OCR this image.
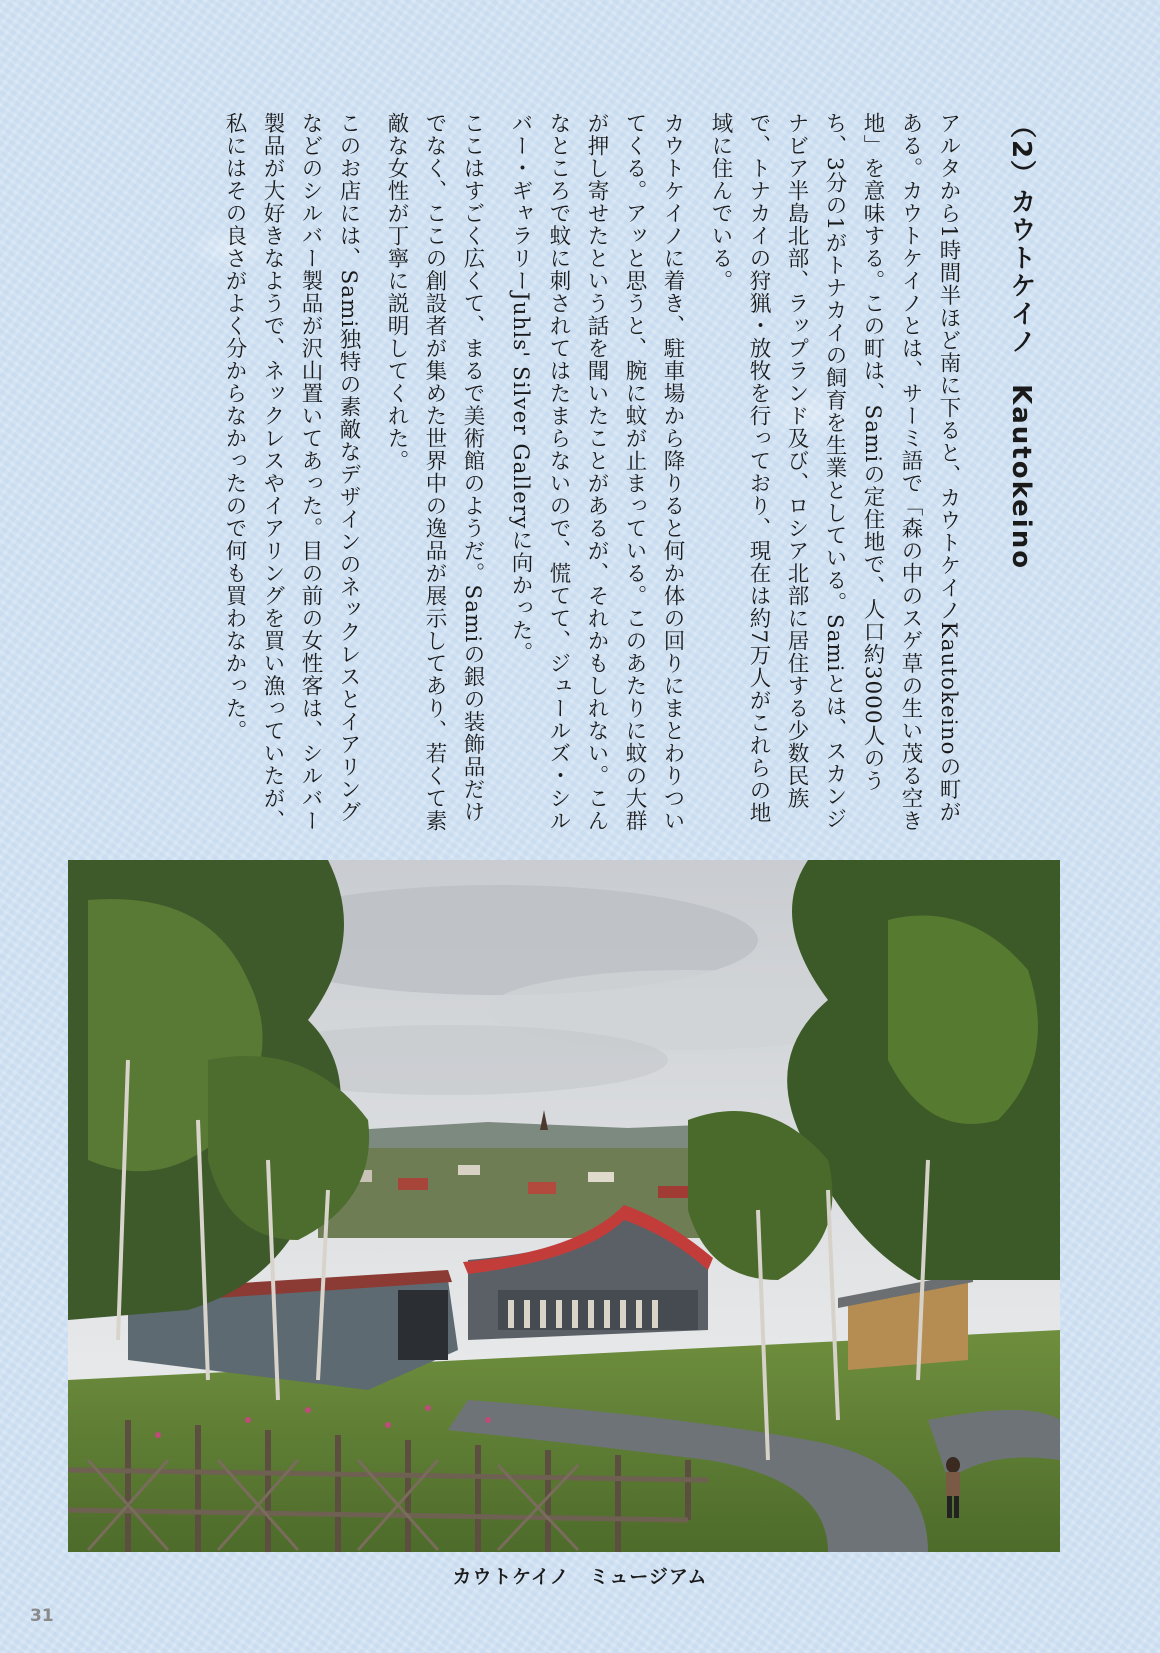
（2）カウトケイノ　Kautokeino

アルタから1時間半ほど南に下ると、カウトケイノKautokeinoの町がある。カウトケイノとは、サーミ語で「森の中のスゲ草の生い茂る空き地」を意味する。この町は、Samiの定住地で、人口約3000人のうち、3分の1がトナカイの飼育を生業としている。Samiとは、スカンジナビア半島北部、ラップランド及び、ロシア北部に居住する少数民族で、トナカイの狩猟・放牧を行っており、現在は約7万人がこれらの地域に住んでいる。

カウトケイノに着き、駐車場から降りると何か体の回りにまとわりついてくる。アッと思うと、腕に蚊が止まっている。このあたりに蚊の大群が押し寄せたという話を聞いたことがあるが、それかもしれない。こんなところで蚊に刺されてはたまらないので、慌てて、ジュールズ・シルバー・ギャラリーJuhls' Silver Galleryに向かった。

ここはすごく広くて、まるで美術館のようだ。Samiの銀の装飾品だけでなく、ここの創設者が集めた世界中の逸品が展示してあり、若くて素敵な女性が丁寧に説明してくれた。

このお店には、Sami独特の素敵なデザインのネックレスとイアリングなどのシルバー製品が沢山置いてあった。目の前の女性客は、シルバー製品が大好きなようで、ネックレスやイアリングを買い漁っていたが、私にはその良さがよく分からなかったので何も買わなかった。

カウトケイノ　ミュージアム
31
